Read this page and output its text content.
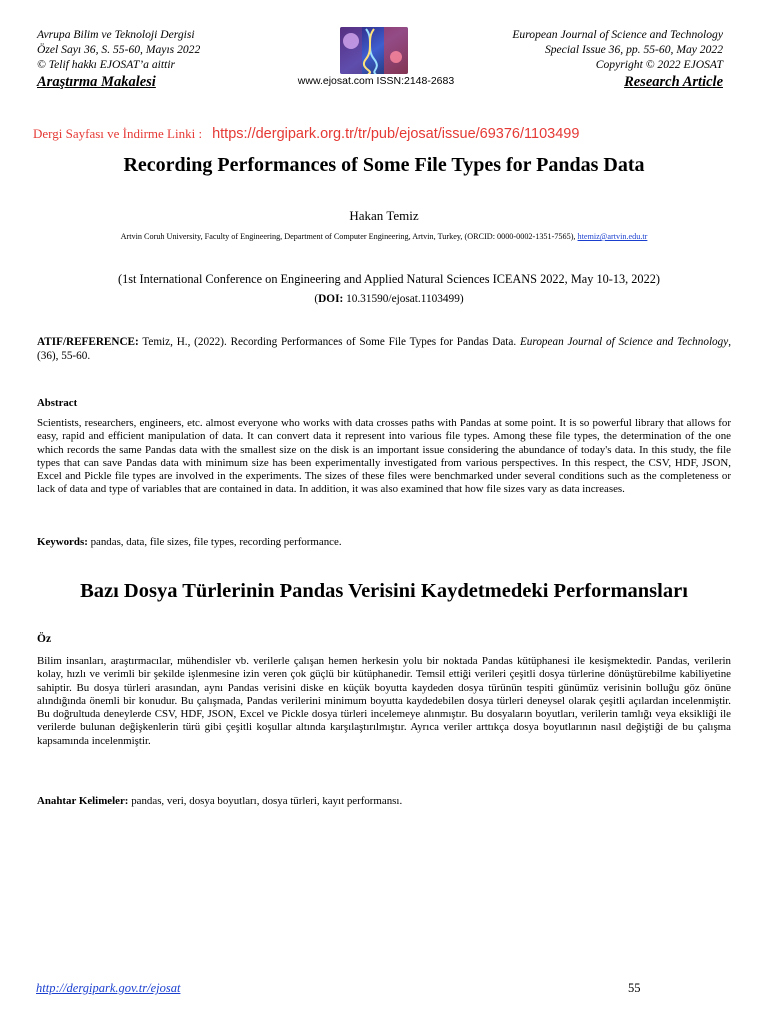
Avrupa Bilim ve Teknoloji Dergisi
Özel Sayı 36, S. 55-60, Mayıs 2022
© Telif hakkı EJOSAT’a aittir
Araştırma Makalesi	www.ejosat.com ISSN:2148-2683
European Journal of Science and Technology
Special Issue 36, pp. 55-60, May 2022
Copyright © 2022 EJOSAT
Research Article
Dergi Sayfası ve İndirme Linki : https://dergipark.org.tr/tr/pub/ejosat/issue/69376/1103499
Recording Performances of Some File Types for Pandas Data
Hakan Temiz
Artvin Coruh University, Faculty of Engineering, Department of Computer Engineering, Artvin, Turkey, (ORCID: 0000-0002-1351-7565), htemiz@artvin.edu.tr
(1st International Conference on Engineering and Applied Natural Sciences ICEANS 2022, May 10-13, 2022)
(DOI: 10.31590/ejosat.1103499)
ATIF/REFERENCE: Temiz, H., (2022). Recording Performances of Some File Types for Pandas Data. European Journal of Science and Technology, (36), 55-60.
Abstract
Scientists, researchers, engineers, etc. almost everyone who works with data crosses paths with Pandas at some point. It is so powerful library that allows for easy, rapid and efficient manipulation of data. It can convert data it represent into various file types. Among these file types, the determination of the one which records the same Pandas data with the smallest size on the disk is an important issue considering the abundance of today's data. In this study, the file types that can save Pandas data with minimum size has been experimentally investigated from various perspectives. In this respect, the CSV, HDF, JSON, Excel and Pickle file types are involved in the experiments. The sizes of these files were benchmarked under several conditions such as the completeness or lack of data and type of variables that are contained in data. In addition, it was also examined that how file sizes vary as data increases.
Keywords: pandas, data, file sizes, file types, recording performance.
Bazı Dosya Türlerinin Pandas Verisini Kaydetmedeki Performansları
Öz
Bilim insanları, araştırmacılar, mühendisler vb. verilerle çalışan hemen herkesin yolu bir noktada Pandas kütüphanesi ile kesişmektedir. Pandas, verilerin kolay, hızlı ve verimli bir şekilde işlenmesine izin veren çok güçlü bir kütüphanedir. Temsil ettiği verileri çeşitli dosya türlerine dönüştürebilme kabiliyetine sahiptir. Bu dosya türleri arasından, aynı Pandas verisini diske en küçük boyutta kaydeden dosya türünün tespiti günümüz verisinin bolluğu göz önüne alındığında önemli bir konudur. Bu çalışmada, Pandas verilerini minimum boyutta kaydedebilen dosya türleri deneysel olarak çeşitli açılardan incelenmiştir. Bu doğrultuda deneylerde CSV, HDF, JSON, Excel ve Pickle dosya türleri incelemeye alınmıştır. Bu dosyaların boyutları, verilerin tamlığı veya eksikliği ile verilerde bulunan değişkenlerin türü gibi çeşitli koşullar altında karşılaştırılmıştır. Ayrıca veriler arttıkça dosya boyutlarının nasıl değiştiği de bu çalışma kapsamında incelenmiştir.
Anahtar Kelimeler: pandas, veri, dosya boyutları, dosya türleri, kayıt performansı.
http://dergipark.gov.tr/ejosat	55
